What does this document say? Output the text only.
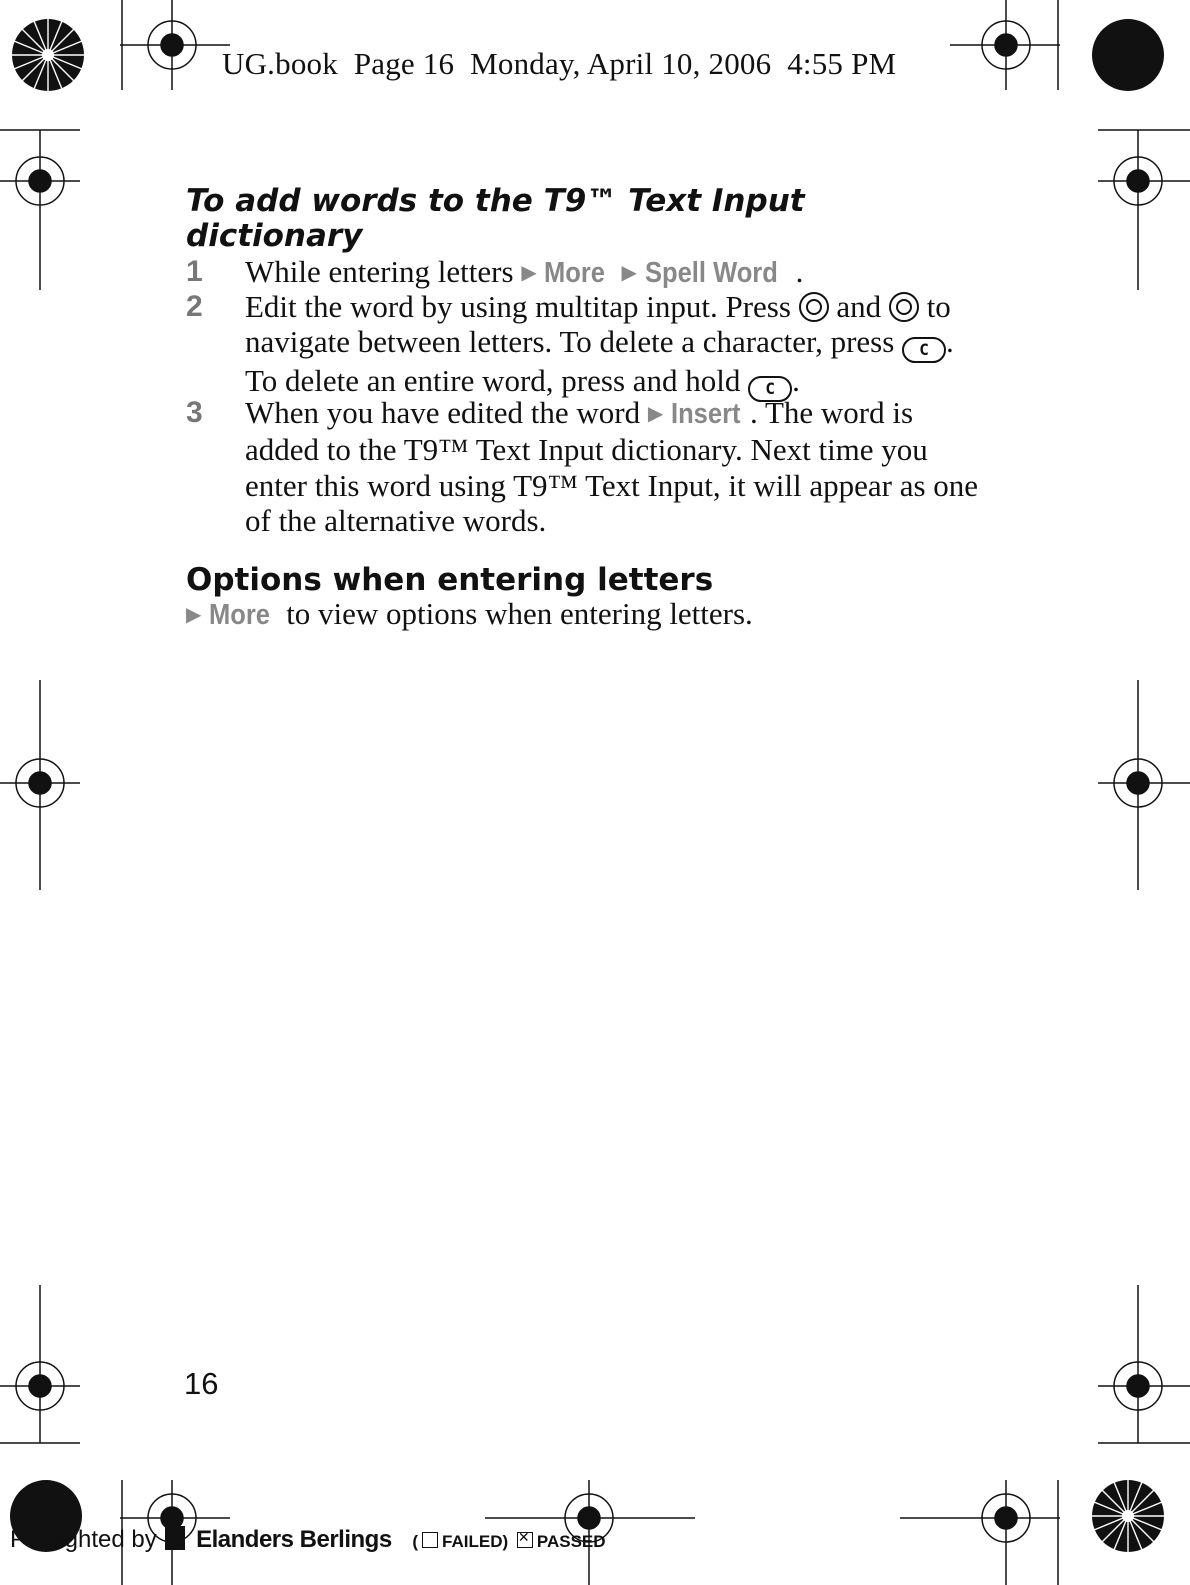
UG.book  Page 16  Monday, April 10, 2006  4:55 PM
To add words to the T9™ Text Input
dictionary
1 While entering letters ▶ More ▶ Spell Word .
2 Edit the word by using multitap input. Press and to navigate between letters. To delete a character, press C . To delete an entire word, press and hold C .
3 When you have edited the word ▶ Insert . The word is added to the T9™ Text Input dictionary. Next time you enter this word using T9™ Text Input, it will appear as one of the alternative words.
Options when entering letters
▶ More to view options when entering letters.
16
Preflighted by Elanders Berlings ( FAILED) ✕PASSED
